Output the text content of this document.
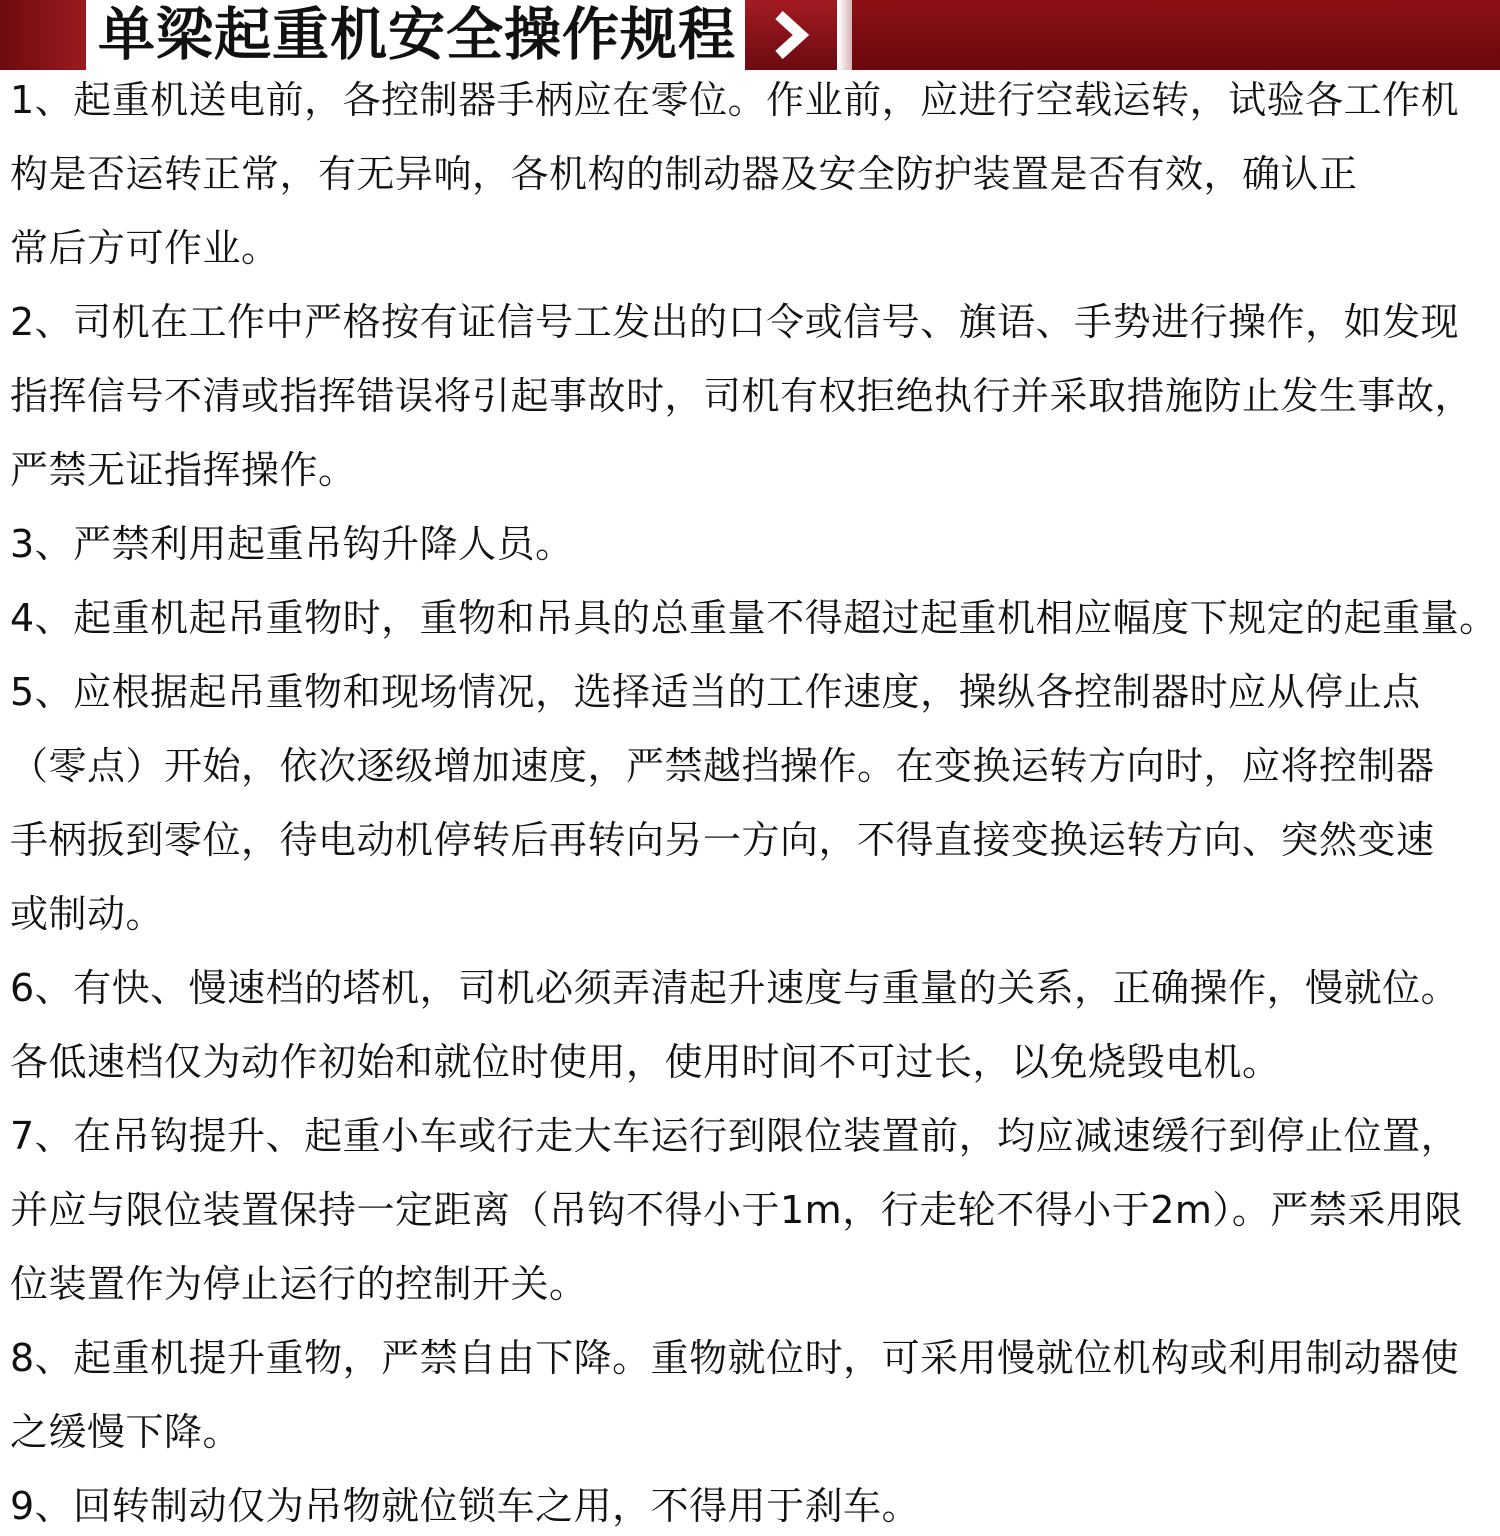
单梁起重机安全操作规程
1、起重机送电前，各控制器手柄应在零位。作业前，应进行空载运转，试验各工作机
构是否运转正常，有无异响，各机构的制动器及安全防护装置是否有效，确认正
常后方可作业。
2、司机在工作中严格按有证信号工发出的口令或信号、旗语、手势进行操作，如发现
指挥信号不清或指挥错误将引起事故时，司机有权拒绝执行并采取措施防止发生事故，
严禁无证指挥操作。
3、严禁利用起重吊钩升降人员。
4、起重机起吊重物时，重物和吊具的总重量不得超过起重机相应幅度下规定的起重量。
5、应根据起吊重物和现场情况，选择适当的工作速度，操纵各控制器时应从停止点
（零点）开始，依次逐级增加速度，严禁越挡操作。在变换运转方向时，应将控制器
手柄扳到零位，待电动机停转后再转向另一方向，不得直接变换运转方向、突然变速
或制动。
6、有快、慢速档的塔机，司机必须弄清起升速度与重量的关系，正确操作，慢就位。
各低速档仅为动作初始和就位时使用，使用时间不可过长，以免烧毁电机。
7、在吊钩提升、起重小车或行走大车运行到限位装置前，均应减速缓行到停止位置，
并应与限位装置保持一定距离（吊钩不得小于1m，行走轮不得小于2m）。严禁采用限
位装置作为停止运行的控制开关。
8、起重机提升重物，严禁自由下降。重物就位时，可采用慢就位机构或利用制动器使
之缓慢下降。
9、回转制动仅为吊物就位锁车之用，不得用于刹车。
